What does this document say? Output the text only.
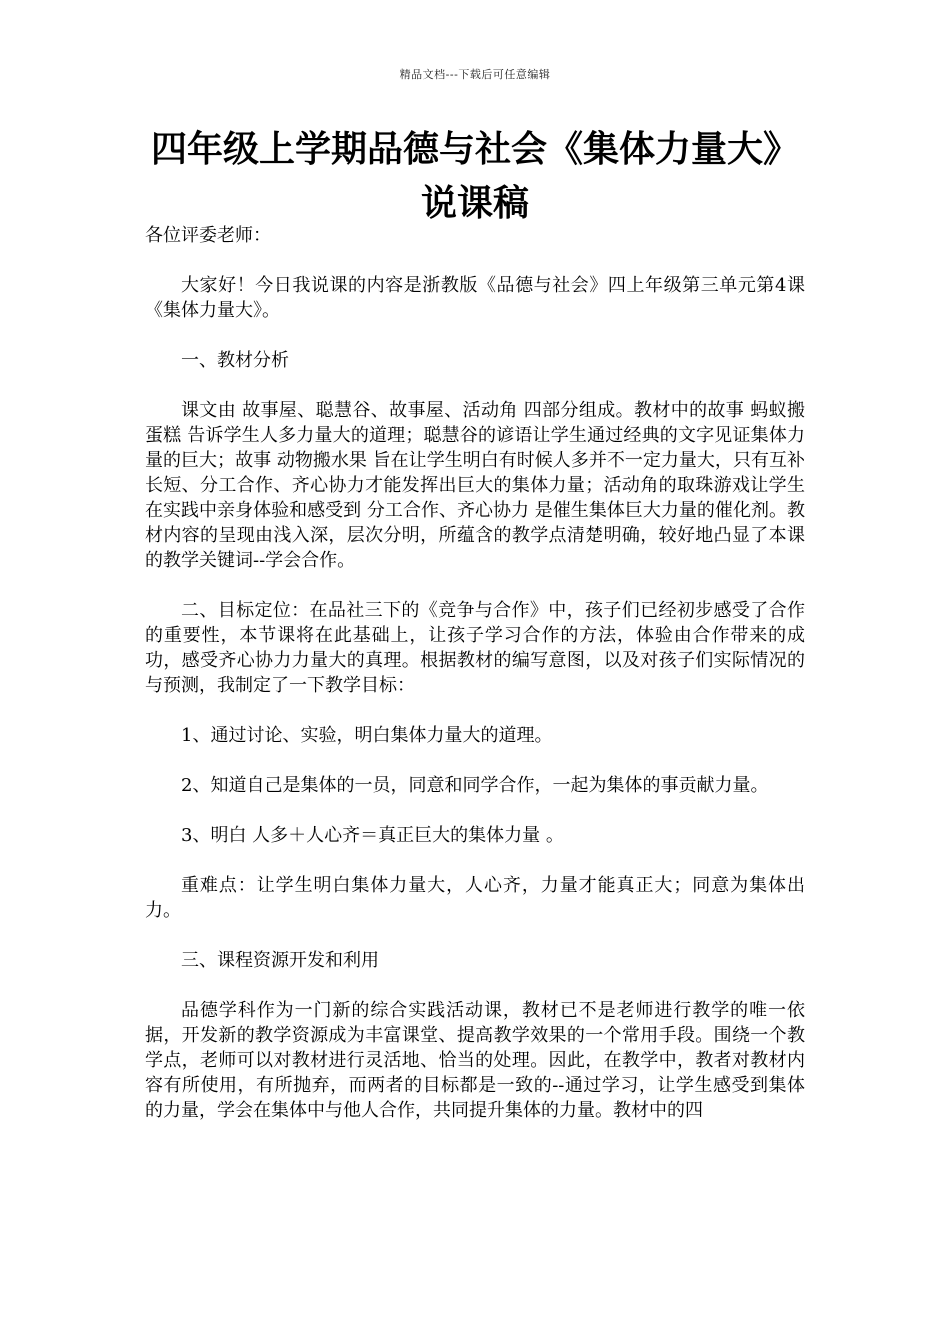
精品文档---下载后可任意编辑
四年级上学期品德与社会《集体力量大》说课稿

各位评委老师：

大家好！今日我说课的内容是浙教版《品德与社会》四上年级第三单元第4课《集体力量大》。

一、教材分析

课文由 故事屋、聪慧谷、故事屋、活动角 四部分组成。教材中的故事 蚂蚁搬蛋糕 告诉学生人多力量大的道理；聪慧谷的谚语让学生通过经典的文字见证集体力量的巨大；故事 动物搬水果 旨在让学生明白有时候人多并不一定力量大，只有互补长短、分工合作、齐心协力才能发挥出巨大的集体力量；活动角的取珠游戏让学生在实践中亲身体验和感受到 分工合作、齐心协力 是催生集体巨大力量的催化剂。教材内容的呈现由浅入深，层次分明，所蕴含的教学点清楚明确，较好地凸显了本课的教学关键词--学会合作。

二、目标定位：在品社三下的《竞争与合作》中，孩子们已经初步感受了合作的重要性，本节课将在此基础上，让孩子学习合作的方法，体验由合作带来的成功，感受齐心协力力量大的真理。根据教材的编写意图，以及对孩子们实际情况的与预测，我制定了一下教学目标：

1、通过讨论、实验，明白集体力量大的道理。

2、知道自己是集体的一员，同意和同学合作，一起为集体的事贡献力量。

3、明白 人多＋人心齐＝真正巨大的集体力量 。

重难点：让学生明白集体力量大，人心齐，力量才能真正大；同意为集体出力。

三、课程资源开发和利用

品德学科作为一门新的综合实践活动课，教材已不是老师进行教学的唯一依据，开发新的教学资源成为丰富课堂、提高教学效果的一个常用手段。围绕一个教学点，老师可以对教材进行灵活地、恰当的处理。因此，在教学中，教者对教材内容有所使用，有所抛弃，而两者的目标都是一致的--通过学习，让学生感受到集体的力量，学会在集体中与他人合作，共同提升集体的力量。教材中的四
